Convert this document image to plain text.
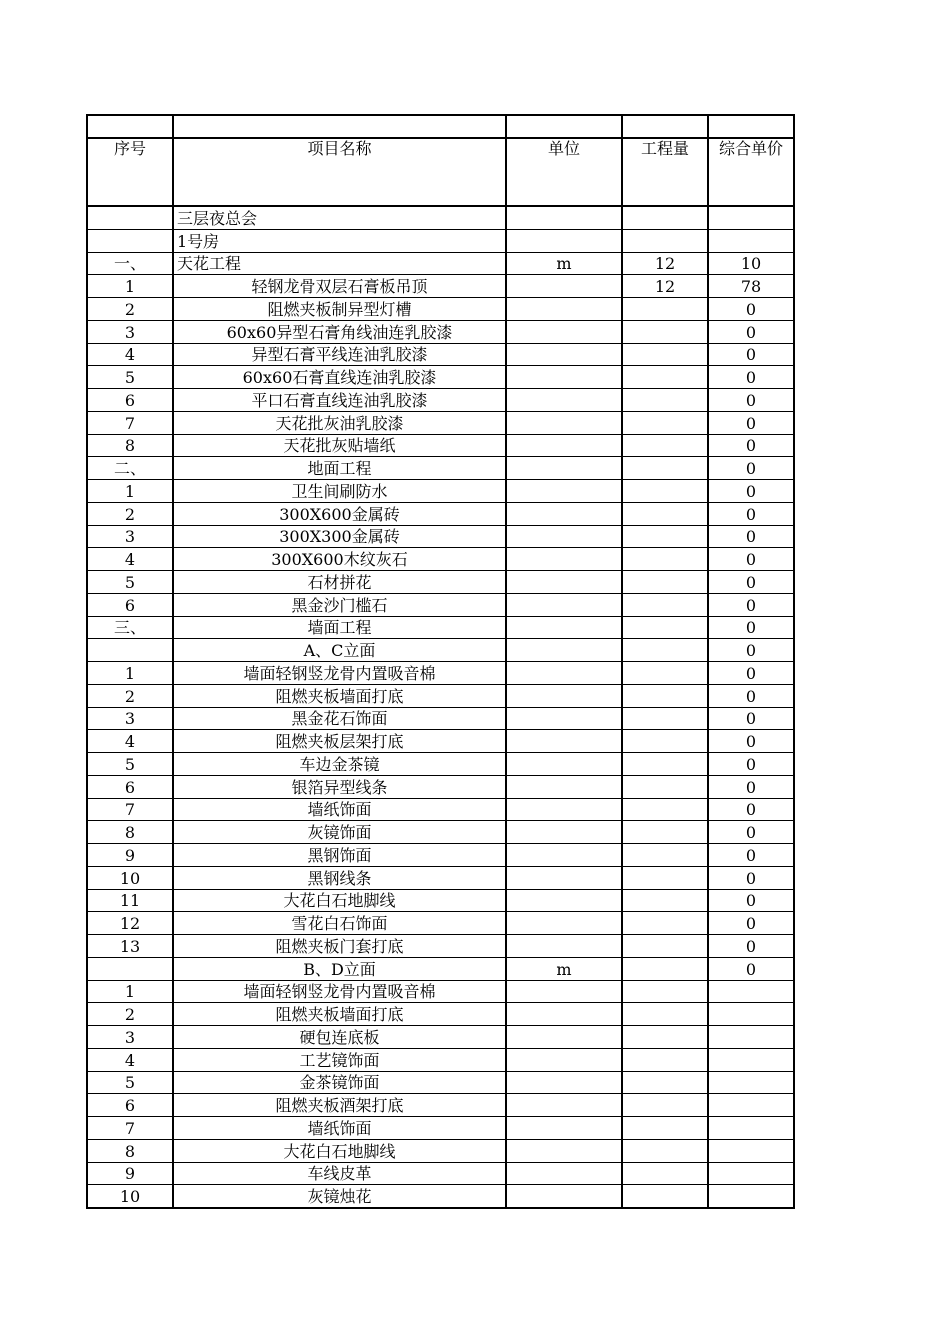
序号	项目名称	单位	工程量	综合单价
	三层夜总会			
	1号房			
一、	天花工程	m	12	10
1	轻钢龙骨双层石膏板吊顶		12	78
2	阻燃夹板制异型灯槽			0
3	60x60异型石膏角线油连乳胶漆			0
4	异型石膏平线连油乳胶漆			0
5	60x60石膏直线连油乳胶漆			0
6	平口石膏直线连油乳胶漆			0
7	天花批灰油乳胶漆			0
8	天花批灰贴墙纸			0
二、	地面工程			0
1	卫生间刷防水			0
2	300X600金属砖			0
3	300X300金属砖			0
4	300X600木纹灰石			0
5	石材拼花			0
6	黑金沙门槛石			0
三、	墙面工程			0
	A、C立面			0
1	墙面轻钢竖龙骨内置吸音棉			0
2	阻燃夹板墙面打底			0
3	黑金花石饰面			0
4	阻燃夹板层架打底			0
5	车边金茶镜			0
6	银箔异型线条			0
7	墙纸饰面			0
8	灰镜饰面			0
9	黑钢饰面			0
10	黑钢线条			0
11	大花白石地脚线			0
12	雪花白石饰面			0
13	阻燃夹板门套打底			0
	B、D立面	m		0
1	墙面轻钢竖龙骨内置吸音棉			
2	阻燃夹板墙面打底			
3	硬包连底板			
4	工艺镜饰面			
5	金茶镜饰面			
6	阻燃夹板酒架打底			
7	墙纸饰面			
8	大花白石地脚线			
9	车线皮革			
10	灰镜烛花			
